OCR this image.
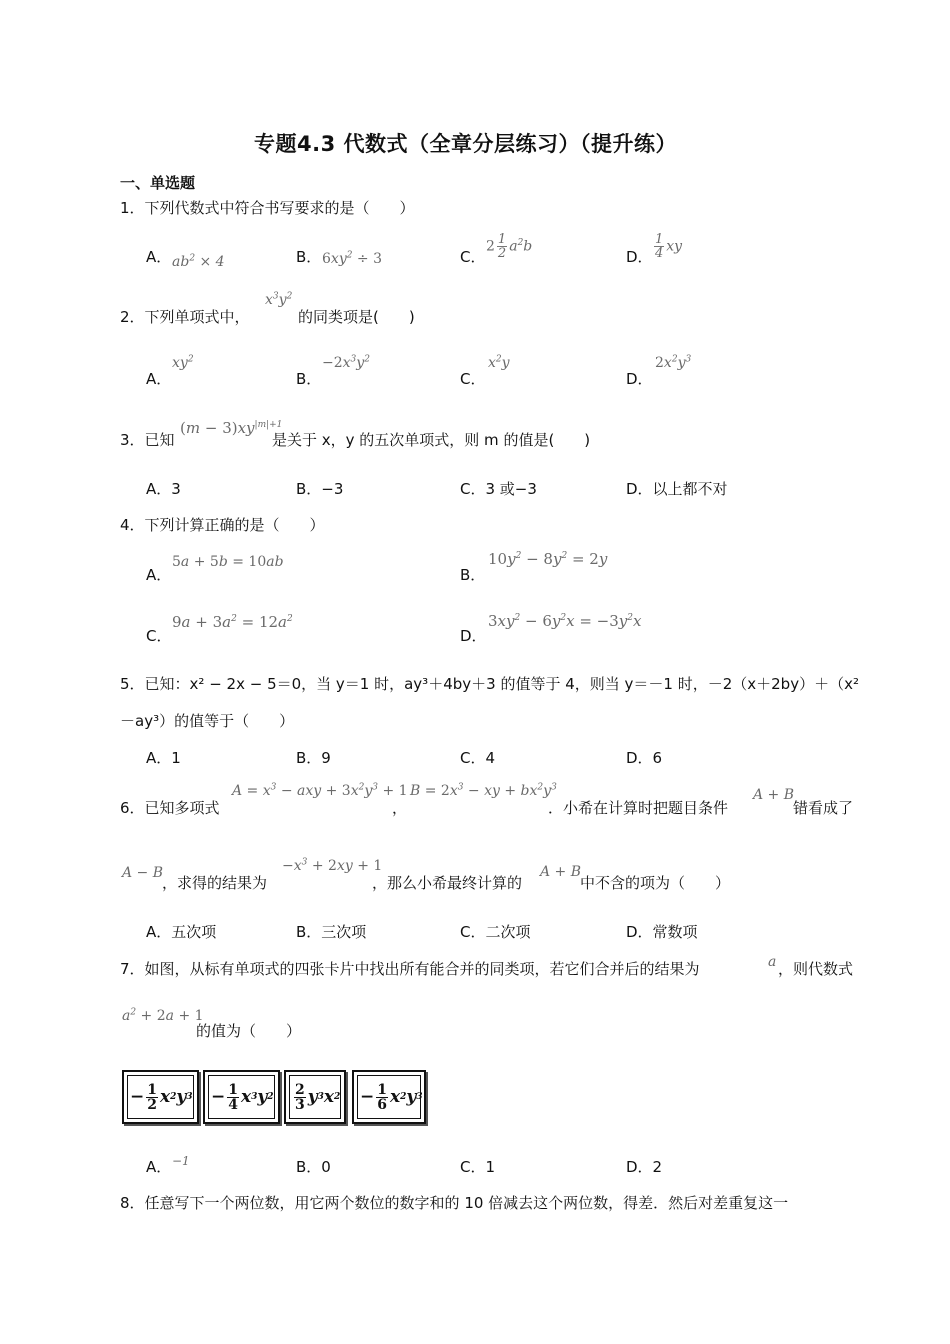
专题4.3 代数式（全章分层练习）（提升练）
一、单选题
1．下列代数式中符合书写要求的是（　　）
A． $ab^2 \times 4$	B． $6xy^2 \div 3$	C．
$2 \frac{1}{2} a^2b$
D． $\frac{1}{4}$ xy
2．下列单项式中，
$x^3y^2$
的同类项是(　　)
A．
$xy^2$
B．
$-2x^3y^2$
C．
$x^2y$
D．
$2x^2y^3$
3．已知
$(m - 3)xy^{|m|+1}$
是关于 x，y 的五次单项式，则 m 的值是(　　)
A．3	B．−3	C．3 或−3	D．以上都不对
4．下列计算正确的是（　　）
A．
5a + 5b = 10ab
B．
$10y^2 - 8y^2 = 2y$
C．
$9a + 3a^2 = 12a^2$
D．
$3xy^2 - 6y^2x = -3y^2x$
5．已知：x² − 2x − 5＝0，当 y＝1 时，ay³＋4by＋3 的值等于 4，则当 y＝－1 时，－2（x＋2by）＋（x²
－ay³）的值等于（　　）
A．1	B．9	C．4	D．6
6．已知多项式
$A = x^3$ − axy + $3x^2y^3 + 1$
，
$B = 2x^3$ − xy + $bx^2y^3$
．小希在计算时把题目条件
A + B
错看成了
A − B
，求得的结果为
$-x^3 + 2xy + 1$
，那么小希最终计算的
A + B
中不含的项为（　　）
A．五次项	B．三次项	C．二次项	D．常数项
7．如图，从标有单项式的四张卡片中找出所有能合并的同类项，若它们合并后的结果为	a ，则代数式
$a^2 + 2a + 1$
的值为（　　）
− $\frac{1}{2}$ x 2 y $3 - \frac{1}{4}$ x 3 y $2 \frac{2}{3}$ y 3 x $2 - \frac{1}{6}$ x 2 y 3
A． −1	B．0	C．1	D．2
8．任意写下一个两位数，用它两个数位的数字和的 10 倍减去这个两位数，得差．然后对差重复这一
